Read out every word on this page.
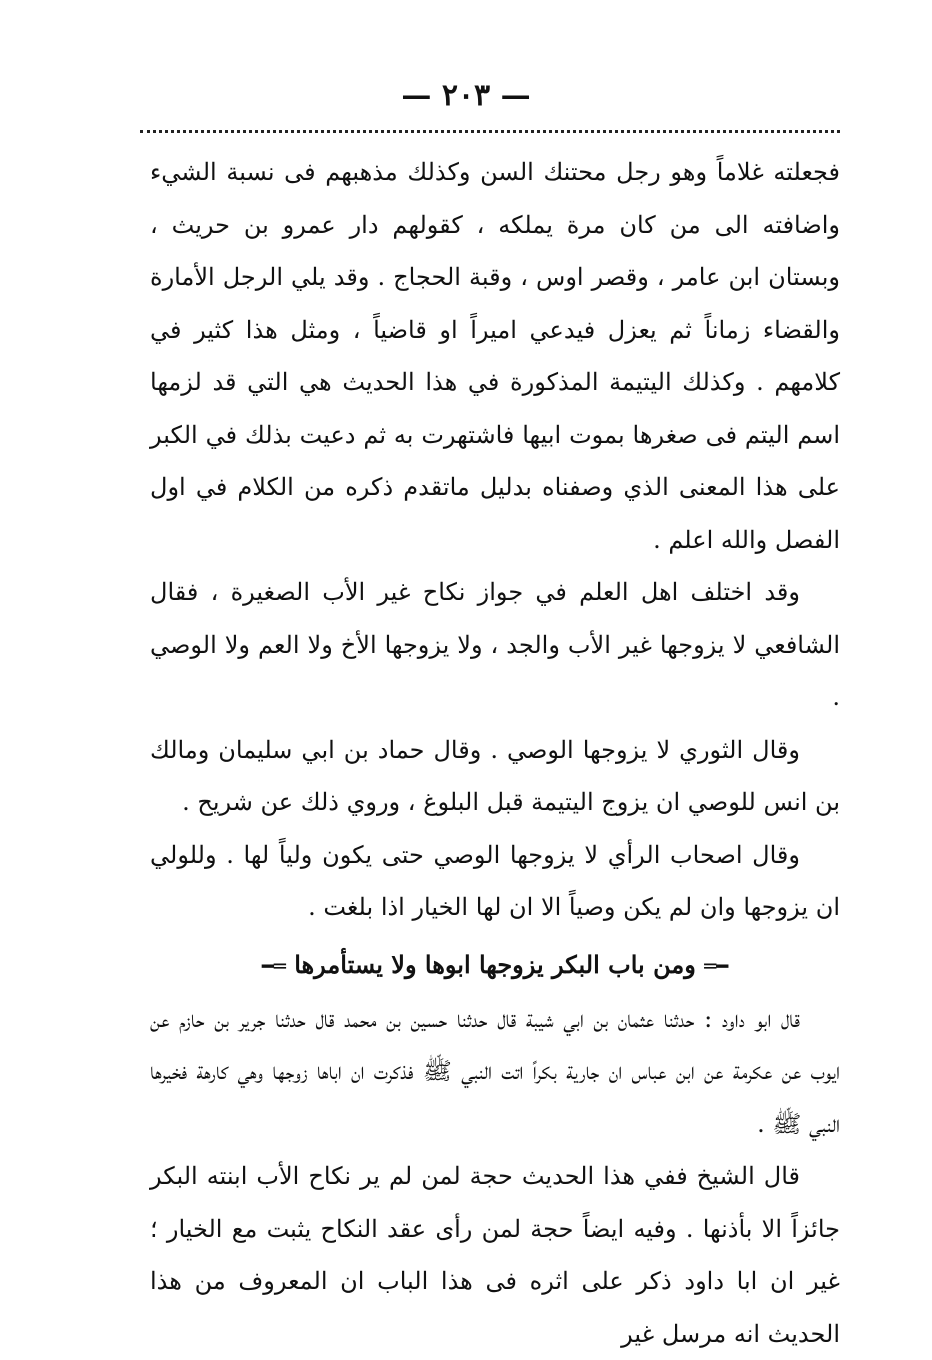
— ٢٠٣ —

فجعلته غلاماً وهو رجل محتنك السن وكذلك مذهبهم فى نسبة الشيء واضافته الى من كان مرة يملكه ، كقولهم دار عمرو بن حريث ، وبستان ابن عامر ، وقصر اوس ، وقبة الحجاج . وقد يلي الرجل الأمارة والقضاء زماناً ثم يعزل فيدعي اميراً او قاضياً ، ومثل هذا كثير في كلامهم . وكذلك اليتيمة المذكورة في هذا الحديث هي التي قد لزمها اسم اليتم فى صغرها بموت ابيها فاشتهرت به ثم دعيت بذلك في الكبر على هذا المعنى الذي وصفناه بدليل ماتقدم ذكره من الكلام في اول الفصل والله اعلم .

وقد اختلف اهل العلم في جواز نكاح غير الأب الصغيرة ، فقال الشافعي لا يزوجها غير الأب والجد ، ولا يزوجها الأخ ولا العم ولا الوصي .

وقال الثوري لا يزوجها الوصي . وقال حماد بن ابي سليمان ومالك بن انس للوصي ان يزوج اليتيمة قبل البلوغ ، وروي ذلك عن شريح .

وقال اصحاب الرأي لا يزوجها الوصي حتى يكون ولياً لها . وللولي ان يزوجها وان لم يكن وصياً الا ان لها الخيار اذا بلغت .

━═ ومن باب البكر يزوجها ابوها ولا يستأمرها ═━

قال ابو داود : حدثنا عثمان بن ابي شيبة قال حدثنا حسين بن محمد قال حدثنا جرير بن حازم عن ايوب عن عكرمة عن ابن عباس ان جارية بكراً اتت النبي ﷺ فذكرت ان اباها زوجها وهي كارهة فخيرها النبي ﷺ .

قال الشيخ ففي هذا الحديث حجة لمن لم ير نكاح الأب ابنته البكر جائزاً الا بأذنها . وفيه ايضاً حجة لمن رأى عقد النكاح يثبت مع الخيار ؛ غير ان ابا داود ذكر على اثره فى هذا الباب ان المعروف من هذا الحديث انه مرسل غير
